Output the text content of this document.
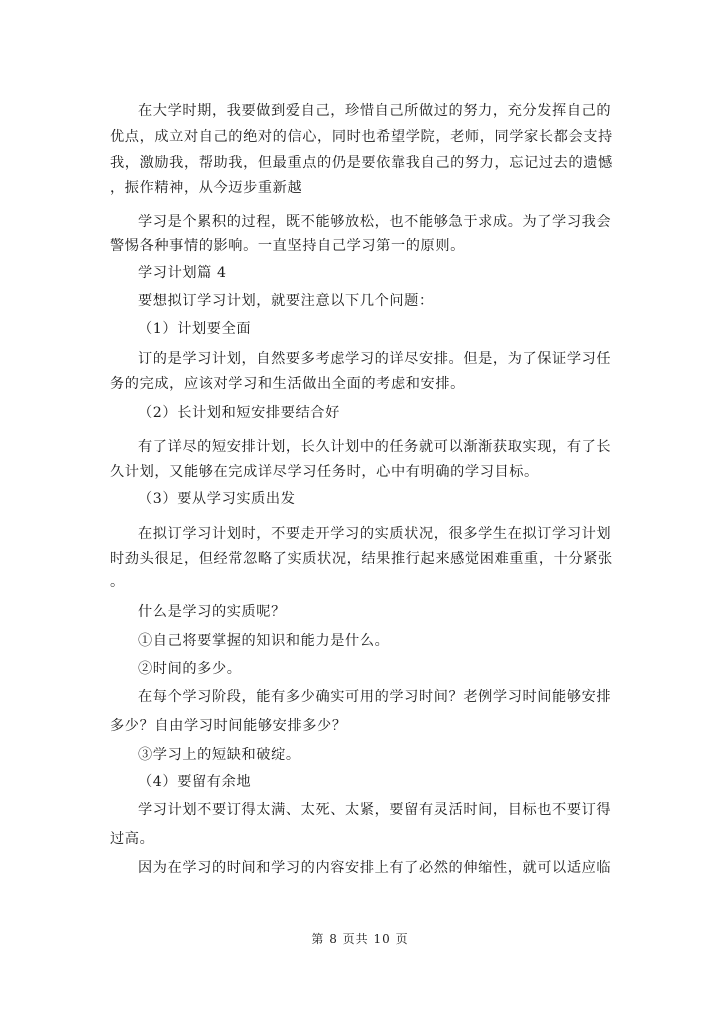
在大学时期，我要做到爱自己，珍惜自己所做过的努力，充分发挥自己的
优点，成立对自己的绝对的信心，同时也希望学院，老师，同学家长都会支持
我，激励我，帮助我，但最重点的仍是要依靠我自己的努力，忘记过去的遗憾
，振作精神，从今迈步重新越
学习是个累积的过程，既不能够放松，也不能够急于求成。为了学习我会
警惕各种事情的影响。一直坚持自己学习第一的原则。
学习计划篇 4
要想拟订学习计划，就要注意以下几个问题：
（1）计划要全面
订的是学习计划，自然要多考虑学习的详尽安排。但是，为了保证学习任
务的完成，应该对学习和生活做出全面的考虑和安排。
（2）长计划和短安排要结合好
有了详尽的短安排计划，长久计划中的任务就可以渐渐获取实现，有了长
久计划，又能够在完成详尽学习任务时，心中有明确的学习目标。
（3）要从学习实质出发
在拟订学习计划时，不要走开学习的实质状况，很多学生在拟订学习计划
时劲头很足，但经常忽略了实质状况，结果推行起来感觉困难重重，十分紧张
。
什么是学习的实质呢？
①自己将要掌握的知识和能力是什么。
②时间的多少。
在每个学习阶段，能有多少确实可用的学习时间？老例学习时间能够安排
多少？自由学习时间能够安排多少？
③学习上的短缺和破绽。
（4）要留有余地
学习计划不要订得太满、太死、太紧，要留有灵活时间，目标也不要订得
过高。
因为在学习的时间和学习的内容安排上有了必然的伸缩性，就可以适应临
第 8 页共 10 页
